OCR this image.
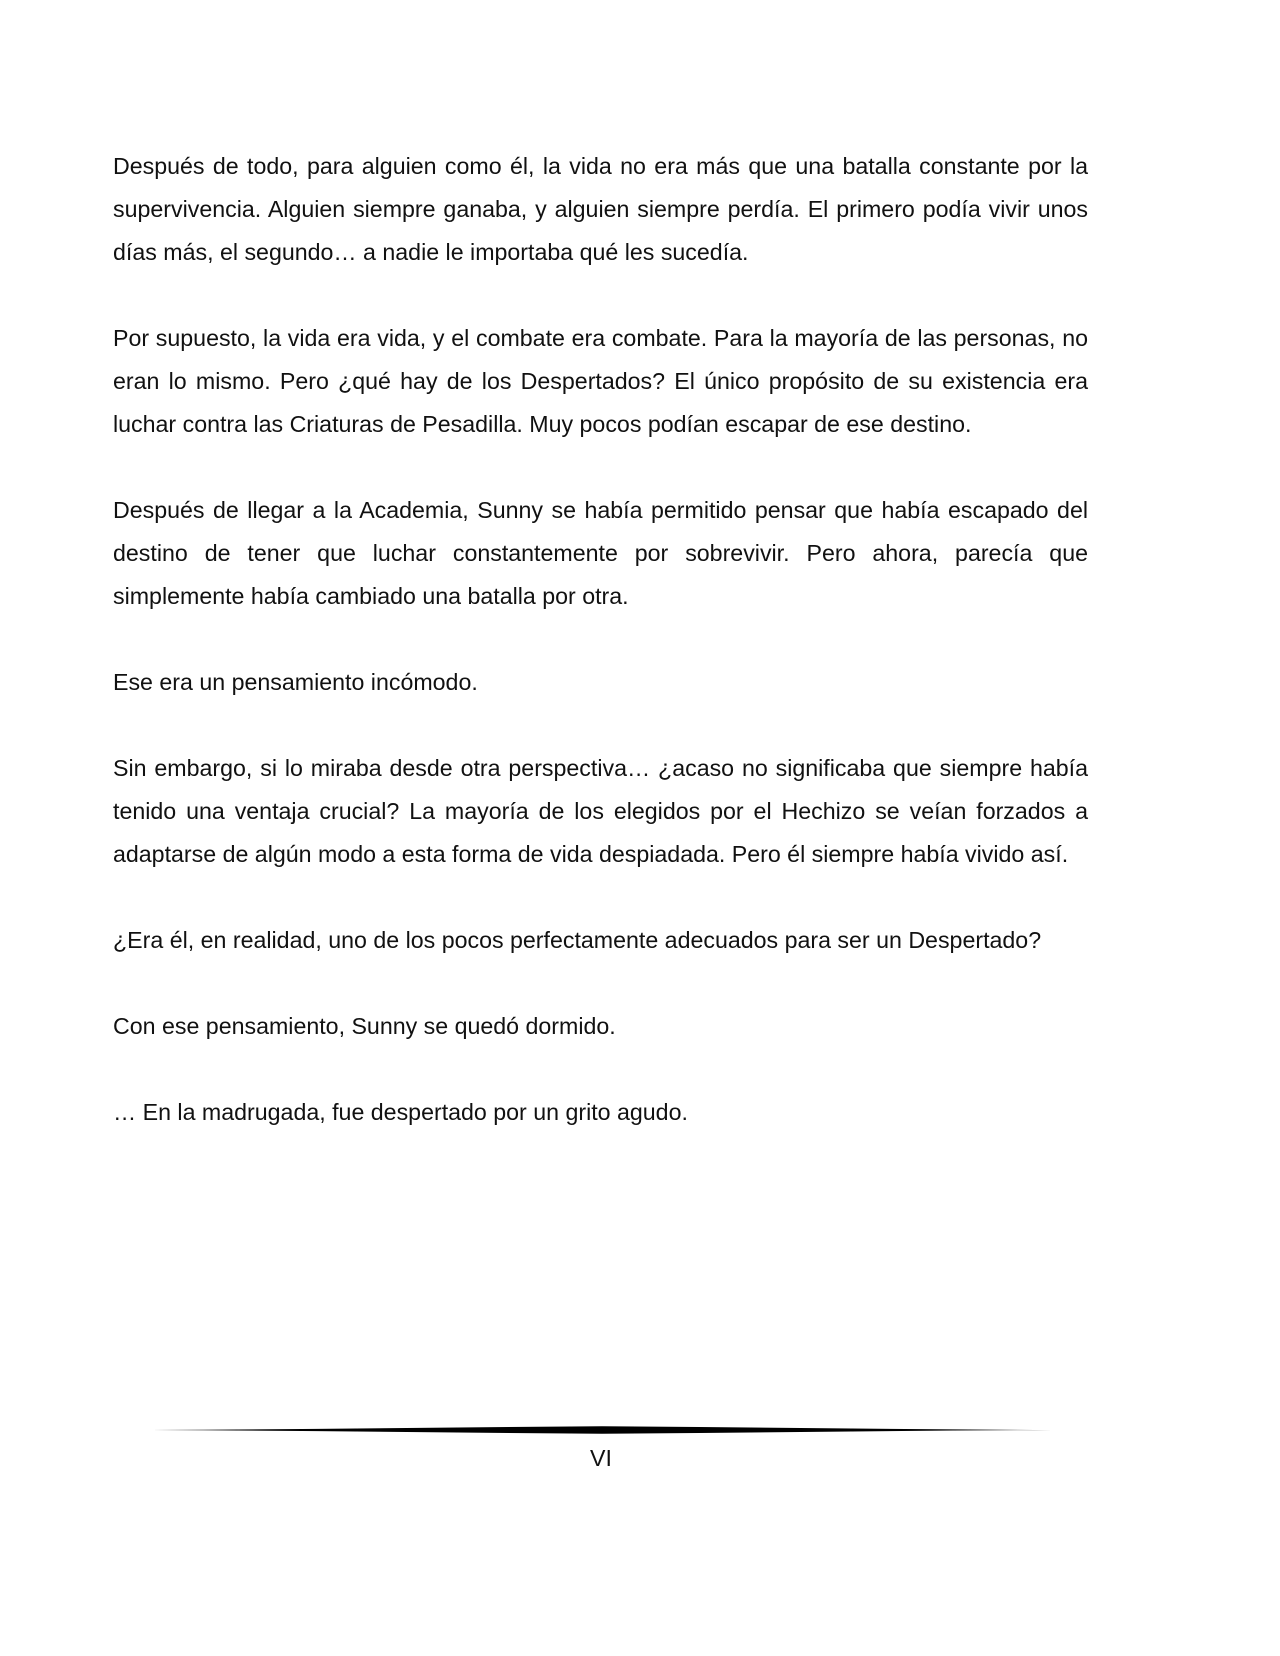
Después de todo, para alguien como él, la vida no era más que una batalla constante por la supervivencia. Alguien siempre ganaba, y alguien siempre perdía. El primero podía vivir unos días más, el segundo… a nadie le importaba qué les sucedía.

Por supuesto, la vida era vida, y el combate era combate. Para la mayoría de las personas, no eran lo mismo. Pero ¿qué hay de los Despertados? El único propósito de su existencia era luchar contra las Criaturas de Pesadilla. Muy pocos podían escapar de ese destino.

Después de llegar a la Academia, Sunny se había permitido pensar que había escapado del destino de tener que luchar constantemente por sobrevivir. Pero ahora, parecía que simplemente había cambiado una batalla por otra.

Ese era un pensamiento incómodo.

Sin embargo, si lo miraba desde otra perspectiva… ¿acaso no significaba que siempre había tenido una ventaja crucial? La mayoría de los elegidos por el Hechizo se veían forzados a adaptarse de algún modo a esta forma de vida despiadada. Pero él siempre había vivido así.

¿Era él, en realidad, uno de los pocos perfectamente adecuados para ser un Despertado?

Con ese pensamiento, Sunny se quedó dormido.

… En la madrugada, fue despertado por un grito agudo.

VI
